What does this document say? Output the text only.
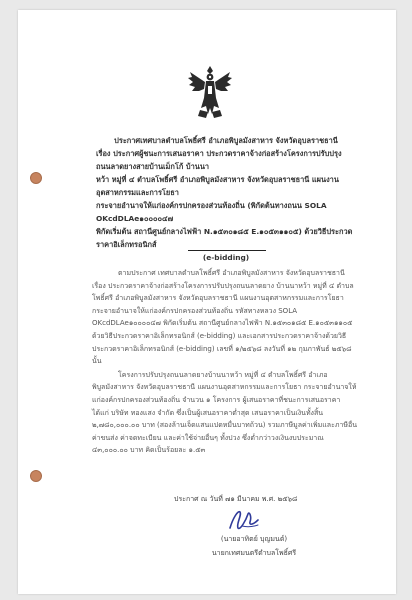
ประกาศเทศบาลตำบลโพธิ์ศรี อำเภอพิบูลมังสาหาร จังหวัดอุบลราชธานี
เรื่อง ประกาศผู้ชนะการเสนอราคา ประกวดราคาจ้างก่อสร้างโครงการปรับปรุงถนนลาดยางสายบ้านเม็กโก้ บ้านนา
หว้า หมู่ที่ ๔ ตำบลโพธิ์ศรี อำเภอพิบูลมังสาหาร จังหวัดอุบลราชธานี แผนงานอุตสาหกรรมและการโยธา
กระจายอำนาจให้แก่องค์กรปกครองส่วนท้องถิ่น (พิกัดต้นทางถนน SOLA OKcdDLAe๑๐๐๐๐๔๗
พิกัดเริ่มต้น สถานีศูนย์กลางไฟฟ้า N.๑๕๓๐๑๘๕ E.๑๐๕๓๑๑๐๕) ด้วยวิธีประกวดราคาอิเล็กทรอนิกส์
(e-bidding)

ตามประกาศ เทศบาลตำบลโพธิ์ศรี อำเภอพิบูลมังสาหาร จังหวัดอุบลราชธานี เรื่อง ประกวดราคาจ้างก่อสร้างโครงการปรับปรุงถนนลาดยาง บ้านนาหว้า หมู่ที่ ๔ ตำบลโพธิ์ศรี อำเภอพิบูลมังสาหาร จังหวัดอุบลราชธานี แผนงานอุตสาหกรรมและการโยธา กระจายอำนาจให้แก่องค์กรปกครองส่วนท้องถิ่น รหัสทางหลวง SOLA OKcdDLAe๑๐๐๐๐๔๗ พิกัดเริ่มต้น สถานีศูนย์กลางไฟฟ้า N.๑๕๓๐๑๘๕ E.๑๐๕๓๑๑๐๕ ด้วยวิธีประกวดราคาอิเล็กทรอนิกส์ (e-bidding) และเอกสารประกวดราคาจ้างด้วยวิธีประกวดราคาอิเล็กทรอนิกส์ (e-bidding) เลขที่ ๑/๒๕๖๘ ลงวันที่ ๑๒ กุมภาพันธ์ ๒๕๖๘ นั้น

โครงการปรับปรุงถนนลาดยางบ้านนาหว้า หมู่ที่ ๔ ตำบลโพธิ์ศรี อำเภอพิบูลมังสาหาร จังหวัดอุบลราชธานี แผนงานอุตสาหกรรมและการโยธา กระจายอำนาจให้แก่องค์กรปกครองส่วนท้องถิ่น จำนวน ๑ โครงการ ผู้เสนอราคาที่ชนะการเสนอราคา ได้แก่ บริษัท ทองแสง จำกัด ซึ่งเป็นผู้เสนอราคาต่ำสุด เสนอราคาเป็นเงินทั้งสิ้น ๒,๗๘๐,๐๐๐.๐๐ บาท (สองล้านเจ็ดแสนแปดหมื่นบาทถ้วน) รวมภาษีมูลค่าเพิ่มและภาษีอื่น ค่าขนส่ง ค่าจดทะเบียน และค่าใช้จ่ายอื่นๆ ทั้งปวง ซึ่งต่ำกว่าวงเงินงบประมาณ ๔๓,๐๐๐.๐๐ บาท คิดเป็นร้อยละ ๑.๕๓

ประกาศ ณ วันที่ ๗๑ มีนาคม พ.ศ. ๒๕๖๘
(นายอาทิตย์ บุญมนต์)
นายกเทศมนตรีตำบลโพธิ์ศรี
